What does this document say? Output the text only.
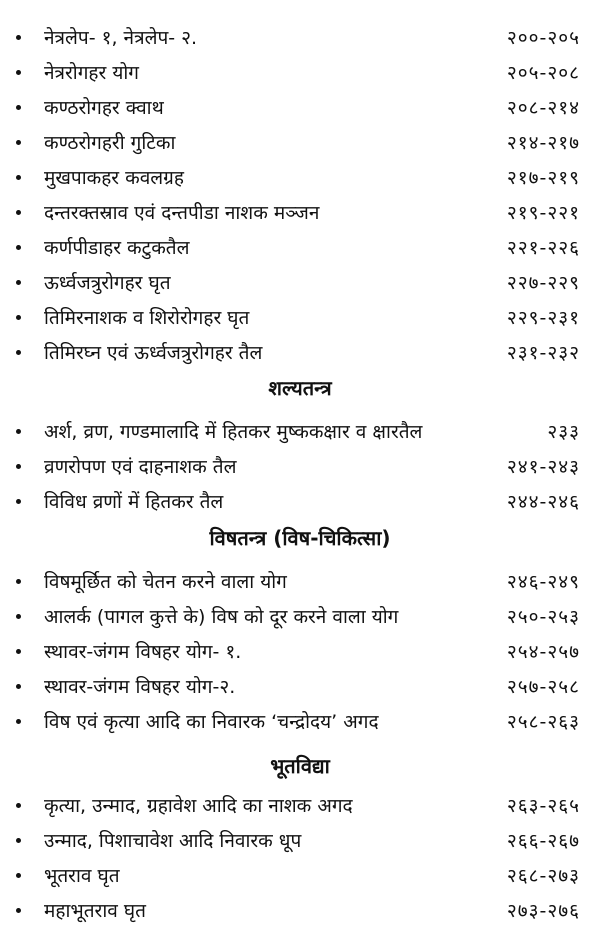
नेत्रलेप- १, नेत्रलेप- २.	२००-२०५
नेत्ररोगहर योग	२०५-२०८
कण्ठरोगहर क्वाथ	२०८-२१४
कण्ठरोगहरी गुटिका	२१४-२१७
मुखपाकहर कवलग्रह	२१७-२१९
दन्तरक्तस्राव एवं दन्तपीडा नाशक मञ्जन	२१९-२२१
कर्णपीडाहर कटुकतैल	२२१-२२६
ऊर्ध्वजत्रुरोगहर घृत	२२७-२२९
तिमिरनाशक व शिरोरोगहर घृत	२२९-२३१
तिमिरघ्न एवं ऊर्ध्वजत्रुरोगहर तैल	२३१-२३२
शल्यतन्त्र
अर्श, व्रण, गण्डमालादि में हितकर मुष्ककक्षार व क्षारतैल	२३३
व्रणरोपण एवं दाहनाशक तैल	२४१-२४३
विविध व्रणों में हितकर तैल	२४४-२४६
विषतन्त्र (विष-चिकित्सा)
विषमूर्छित को चेतन करने वाला योग	२४६-२४९
आलर्क (पागल कुत्ते के) विष को दूर करने वाला योग	२५०-२५३
स्थावर-जंगम विषहर योग- १.	२५४-२५७
स्थावर-जंगम विषहर योग-२.	२५७-२५८
विष एवं कृत्या आदि का निवारक ‘चन्द्रोदय’ अगद	२५८-२६३
भूतविद्या
कृत्या, उन्माद, ग्रहावेश आदि का नाशक अगद	२६३-२६५
उन्माद, पिशाचावेश आदि निवारक धूप	२६६-२६७
भूतराव घृत	२६८-२७३
महाभूतराव घृत	२७३-२७६
